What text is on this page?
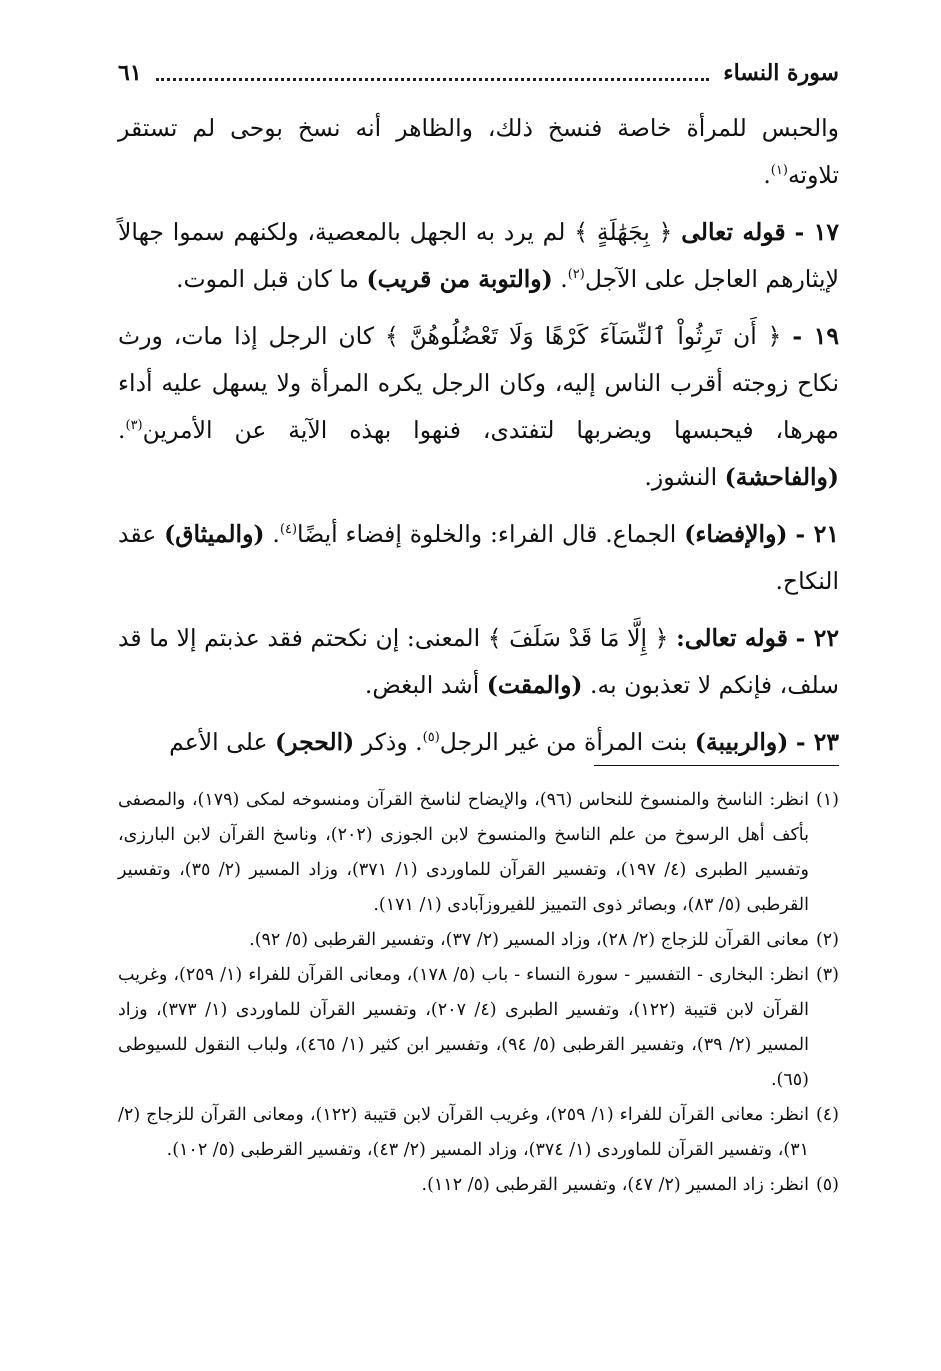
سورة النساء
٦١

والحبس للمرأة خاصة فنسخ ذلك، والظاهر أنه نسخ بوحى لم تستقر تلاوته$^{(١)}$.

١٧ - قوله تعالى ﴿ بِجَهَٰلَةٍ ﴾ لم يرد به الجهل بالمعصية، ولكنهم سموا جهالاً لإيثارهم العاجل على الآجل$^{(٢)}$. (والتوبة من قريب) ما كان قبل الموت.

١٩ - ﴿ أَن تَرِثُواْ ٱلنِّسَآءَ كَرْهًا وَلَا تَعْضُلُوهُنَّ ﴾ كان الرجل إذا مات، ورث نكاح زوجته أقرب الناس إليه، وكان الرجل يكره المرأة ولا يسهل عليه أداء مهرها، فيحبسها ويضربها لتفتدى، فنهوا بهذه الآية عن الأمرين$^{(٣)}$. (والفاحشة) النشوز.

٢١ - (والإفضاء) الجماع. قال الفراء: والخلوة إفضاء أيضًا$^{(٤)}$. (والميثاق) عقد النكاح.

٢٢ - قوله تعالى: ﴿ إِلَّا مَا قَدْ سَلَفَ ﴾ المعنى: إن نكحتم فقد عذبتم إلا ما قد سلف، فإنكم لا تعذبون به. (والمقت) أشد البغض.

٢٣ - (والربيبة) بنت المرأة من غير الرجل$^{(٥)}$. وذكر (الحجر) على الأعم

(١)
انظر: الناسخ والمنسوخ للنحاس (٩٦)، والإيضاح لناسخ القرآن ومنسوخه لمكى (١٧٩)، والمصفى بأكف أهل الرسوخ من علم الناسخ والمنسوخ لابن الجوزى (٢٠٢)، وناسخ القرآن لابن البارزى، وتفسير الطبرى (٤/ ١٩٧)، وتفسير القرآن للماوردى (١/ ٣٧١)، وزاد المسير (٢/ ٣٥)، وتفسير القرطبى (٥/ ٨٣)، وبصائر ذوى التمييز للفيروزآبادى (١/ ١٧١).
(٢)
معانى القرآن للزجاج (٢/ ٢٨)، وزاد المسير (٢/ ٣٧)، وتفسير القرطبى (٥/ ٩٢).
(٣)
انظر: البخارى - التفسير - سورة النساء - باب (٥/ ١٧٨)، ومعانى القرآن للفراء (١/ ٢٥٩)، وغريب القرآن لابن قتيبة (١٢٢)، وتفسير الطبرى (٤/ ٢٠٧)، وتفسير القرآن للماوردى (١/ ٣٧٣)، وزاد المسير (٢/ ٣٩)، وتفسير القرطبى (٥/ ٩٤)، وتفسير ابن كثير (١/ ٤٦٥)، ولباب النقول للسيوطى (٦٥).
(٤)
انظر: معانى القرآن للفراء (١/ ٢٥٩)، وغريب القرآن لابن قتيبة (١٢٢)، ومعانى القرآن للزجاج (٢/ ٣١)، وتفسير القرآن للماوردى (١/ ٣٧٤)، وزاد المسير (٢/ ٤٣)، وتفسير القرطبى (٥/ ١٠٢).
(٥)
انظر: زاد المسير (٢/ ٤٧)، وتفسير القرطبى (٥/ ١١٢).
